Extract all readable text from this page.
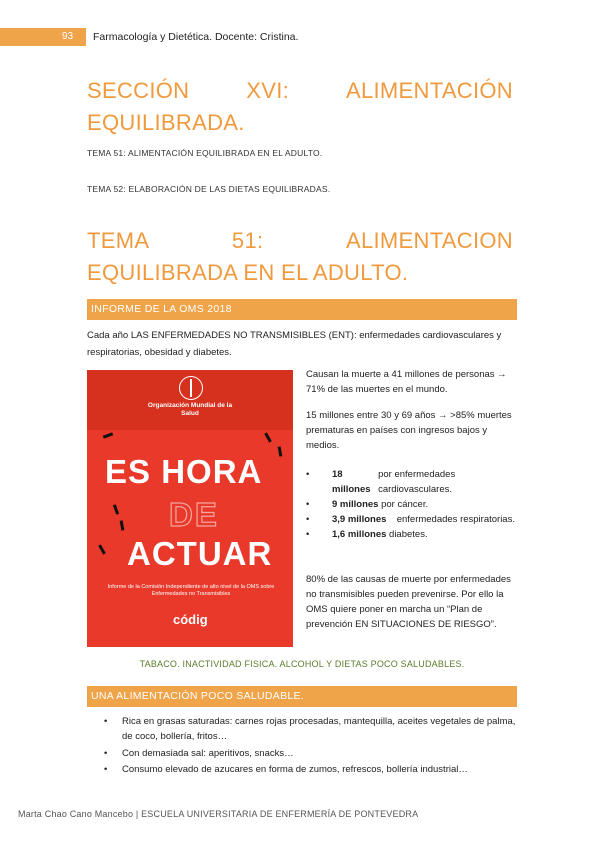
93 Farmacología y Dietética. Docente: Cristina.
SECCIÓN	XVI:	ALIMENTACIÓN
EQUILIBRADA.
TEMA 51: ALIMENTACIÓN EQUILIBRADA EN EL ADULTO.
TEMA 52: ELABORACIÓN DE LAS DIETAS EQUILIBRADAS.
TEMA	51:	ALIMENTACION
EQUILIBRADA EN EL ADULTO.
INFORME DE LA OMS 2018
Cada año LAS ENFERMEDADES NO TRANSMISIBLES (ENT): enfermedades cardiovasculares y respiratorias, obesidad y diabetes.
Organización Mundial de la Salud
ES HORA
DE
ACTUAR
Informe de la Comisión Independiente de alto nivel de la OMS sobre Enfermedades no Transmisibles
códig
Causan la muerte a 41 millones de personas → 71% de las muertes en el mundo.
15 millones entre 30 y 69 años → >85% muertes prematuras en países con ingresos bajos y medios.
•	18 millones
por enfermedades cardiovasculares.
•	9 millones por cáncer.
•	3,9 millones enfermedades respiratorias.
•	1,6 millones diabetes.
80% de las causas de muerte por enfermedades no transmisibles pueden prevenirse. Por ello la OMS quiere poner en marcha un “Plan de prevención EN SITUACIONES DE RIESGO”.
TABACO. INACTIVIDAD FISICA. ALCOHOL Y DIETAS POCO SALUDABLES.
UNA ALIMENTACIÓN POCO SALUDABLE.
• Rica en grasas saturadas: carnes rojas procesadas, mantequilla, aceites vegetales de palma, de coco, bollería, fritos…
• Con demasiada sal: aperitivos, snacks…
• Consumo elevado de azucares en forma de zumos, refrescos, bollería industrial…
Marta Chao Cano Mancebo | ESCUELA UNIVERSITARIA DE ENFERMERÍA DE PONTEVEDRA
